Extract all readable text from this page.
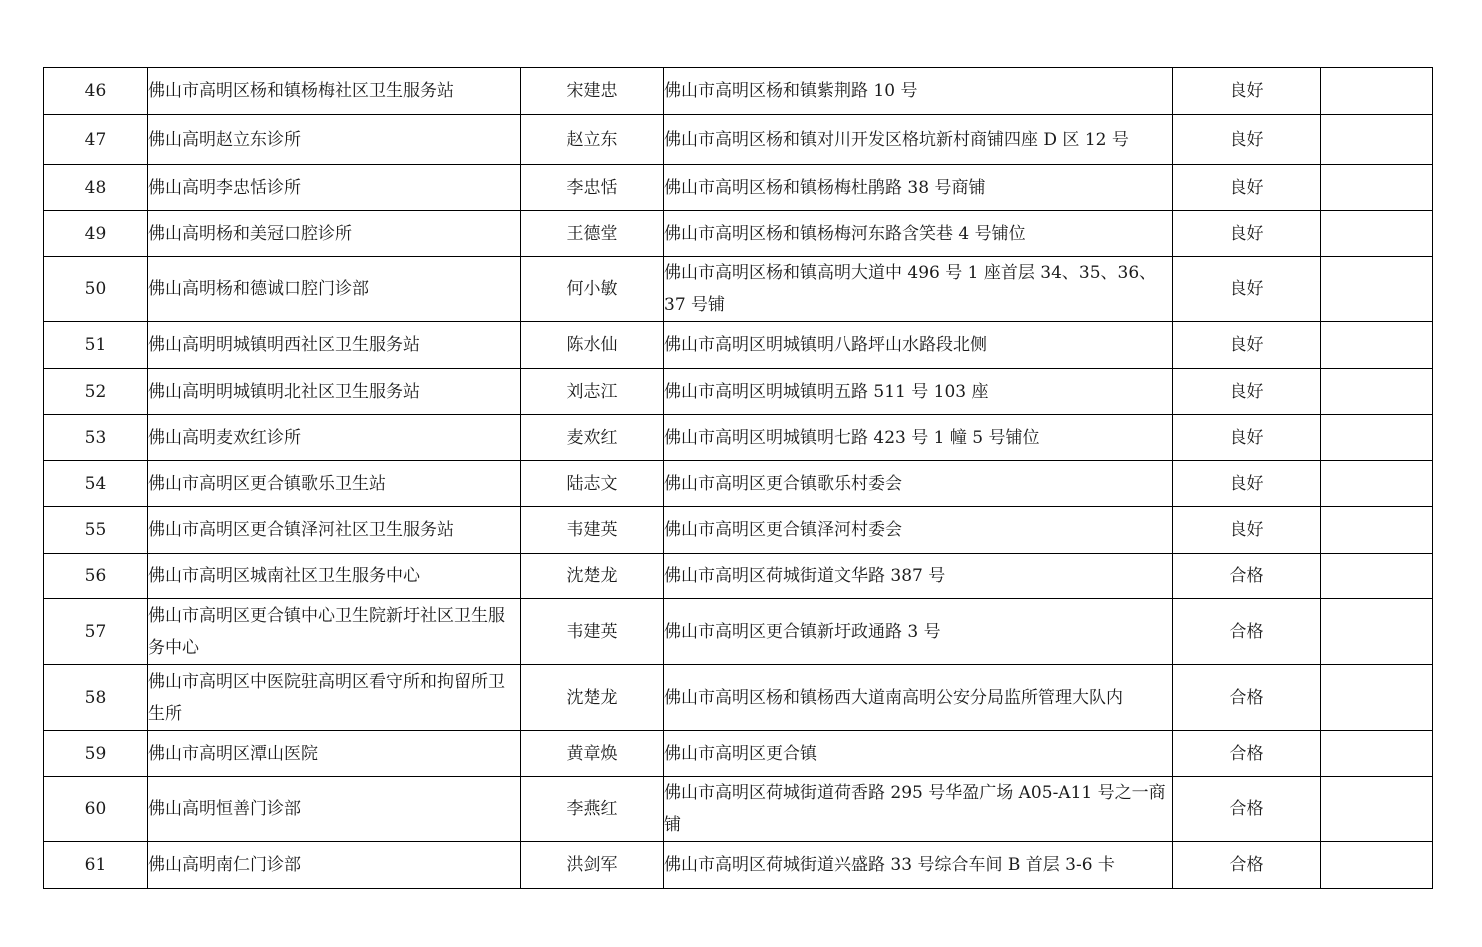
46	佛山市高明区杨和镇杨梅社区卫生服务站	宋建忠	佛山市高明区杨和镇紫荆路 10 号	良好	
47	佛山高明赵立东诊所	赵立东	佛山市高明区杨和镇对川开发区格坑新村商铺四座 D 区 12 号	良好	
48	佛山高明李忠恬诊所	李忠恬	佛山市高明区杨和镇杨梅杜鹃路 38 号商铺	良好	
49	佛山高明杨和美冠口腔诊所	王德堂	佛山市高明区杨和镇杨梅河东路含笑巷 4 号铺位	良好	
50	佛山高明杨和德诚口腔门诊部	何小敏	佛山市高明区杨和镇高明大道中 496 号 1 座首层 34、35、36、37 号铺	良好	
51	佛山高明明城镇明西社区卫生服务站	陈水仙	佛山市高明区明城镇明八路坪山水路段北侧	良好	
52	佛山高明明城镇明北社区卫生服务站	刘志江	佛山市高明区明城镇明五路 511 号 103 座	良好	
53	佛山高明麦欢红诊所	麦欢红	佛山市高明区明城镇明七路 423 号 1 幢 5 号铺位	良好	
54	佛山市高明区更合镇歌乐卫生站	陆志文	佛山市高明区更合镇歌乐村委会	良好	
55	佛山市高明区更合镇泽河社区卫生服务站	韦建英	佛山市高明区更合镇泽河村委会	良好	
56	佛山市高明区城南社区卫生服务中心	沈楚龙	佛山市高明区荷城街道文华路 387 号	合格	
57	佛山市高明区更合镇中心卫生院新圩社区卫生服务中心	韦建英	佛山市高明区更合镇新圩政通路 3 号	合格	
58	佛山市高明区中医院驻高明区看守所和拘留所卫生所	沈楚龙	佛山市高明区杨和镇杨西大道南高明公安分局监所管理大队内	合格	
59	佛山市高明区潭山医院	黄章焕	佛山市高明区更合镇	合格	
60	佛山高明恒善门诊部	李燕红	佛山市高明区荷城街道荷香路 295 号华盈广场 A05-A11 号之一商铺	合格	
61	佛山高明南仁门诊部	洪剑军	佛山市高明区荷城街道兴盛路 33 号综合车间 B 首层 3-6 卡	合格	
